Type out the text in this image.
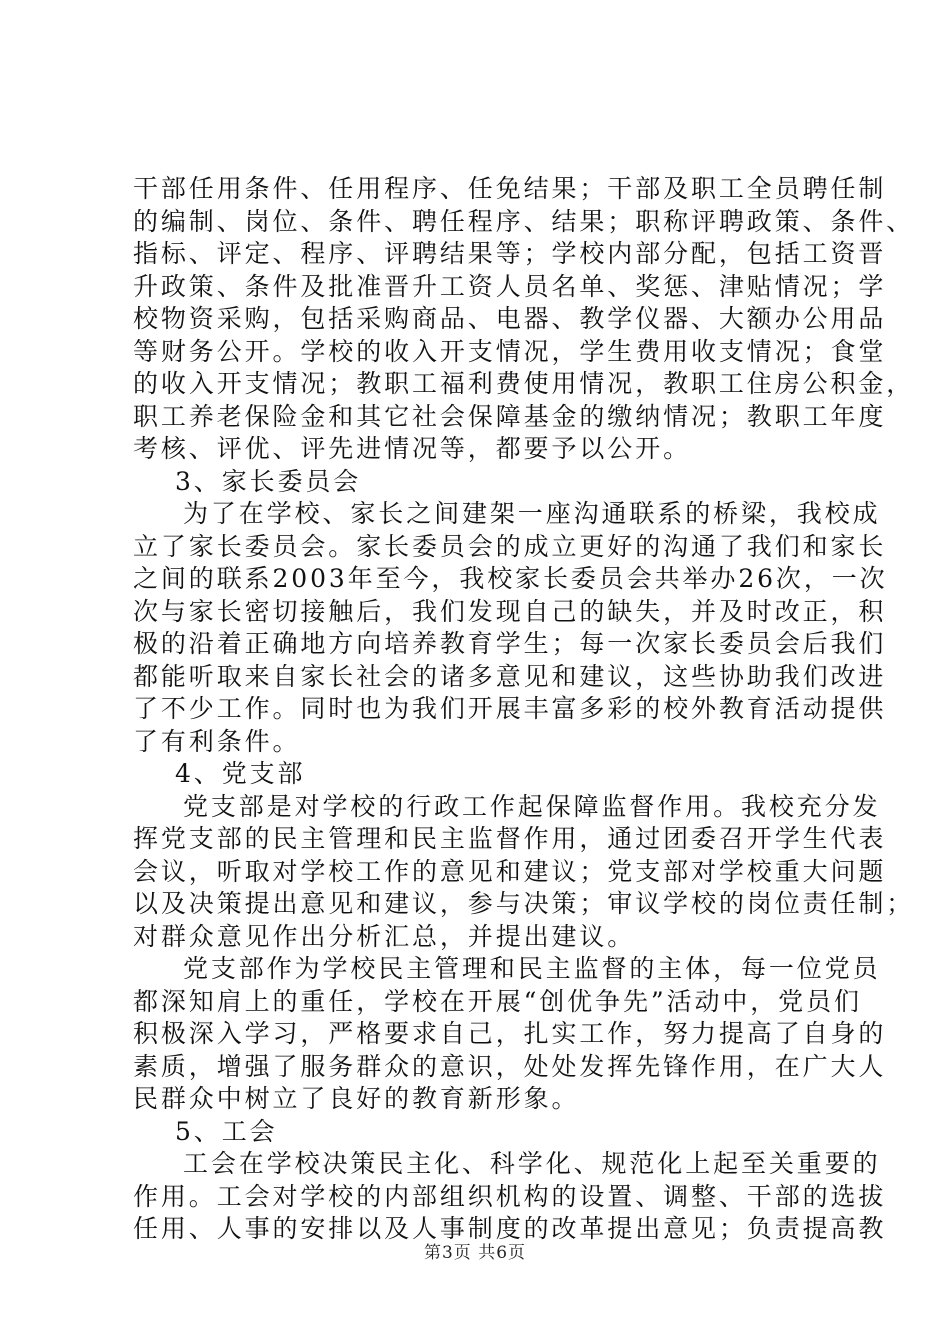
干部任用条件、任用程序、任免结果；干部及职工全员聘任制
的编制、岗位、条件、聘任程序、结果；职称评聘政策、条件、
指标、评定、程序、评聘结果等；学校内部分配，包括工资晋
升政策、条件及批准晋升工资人员名单、奖惩、津贴情况；学
校物资采购，包括采购商品、电器、教学仪器、大额办公用品
等财务公开。学校的收入开支情况，学生费用收支情况；食堂
的收入开支情况；教职工福利费使用情况，教职工住房公积金，
职工养老保险金和其它社会保障基金的缴纳情况；教职工年度
考核、评优、评先进情况等，都要予以公开。
3、家长委员会
为了在学校、家长之间建架一座沟通联系的桥梁，我校成
立了家长委员会。家长委员会的成立更好的沟通了我们和家长
之间的联系2003年至今，我校家长委员会共举办26次，一次
次与家长密切接触后，我们发现自己的缺失，并及时改正，积
极的沿着正确地方向培养教育学生；每一次家长委员会后我们
都能听取来自家长社会的诸多意见和建议，这些协助我们改进
了不少工作。同时也为我们开展丰富多彩的校外教育活动提供
了有利条件。
4、党支部
党支部是对学校的行政工作起保障监督作用。我校充分发
挥党支部的民主管理和民主监督作用，通过团委召开学生代表
会议，听取对学校工作的意见和建议；党支部对学校重大问题
以及决策提出意见和建议，参与决策；审议学校的岗位责任制；
对群众意见作出分析汇总，并提出建议。
党支部作为学校民主管理和民主监督的主体，每一位党员
都深知肩上的重任，学校在开展“创优争先”活动中，党员们
积极深入学习，严格要求自己，扎实工作，努力提高了自身的
素质，增强了服务群众的意识，处处发挥先锋作用，在广大人
民群众中树立了良好的教育新形象。
5、工会
工会在学校决策民主化、科学化、规范化上起至关重要的
作用。工会对学校的内部组织机构的设置、调整、干部的选拔
任用、人事的安排以及人事制度的改革提出意见；负责提高教
第3页 共6页
